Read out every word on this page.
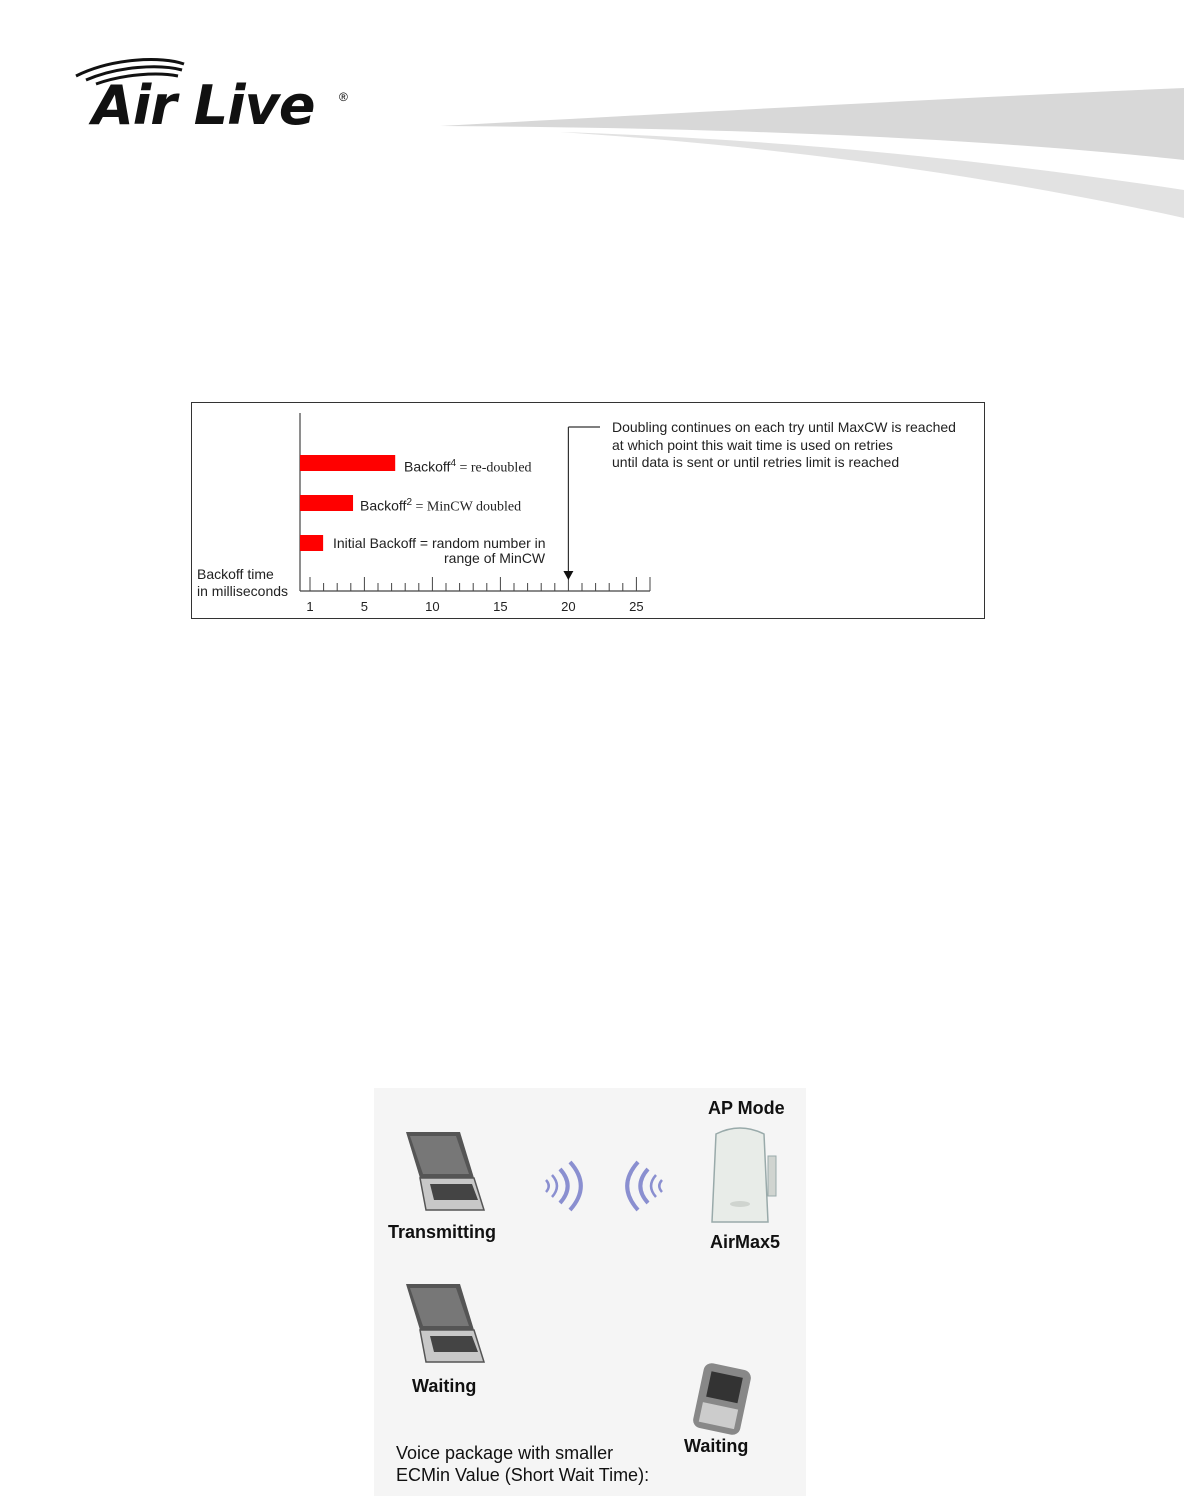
Air Live ®
Backoff$^4$ = re-doubled
Backoff$^2$ = MinCW doubled
Initial Backoff = random number in
range of MinCW
Backoff time
in milliseconds
Doubling continues on each try until MaxCW is reached
at which point this wait time is used on retries
until data is sent or until retries limit is reached
1	5	10	15	20	25
AP Mode
AirMax5
Transmitting
Waiting
Waiting
Voice package with smaller
ECMin Value (Short Wait Time):
